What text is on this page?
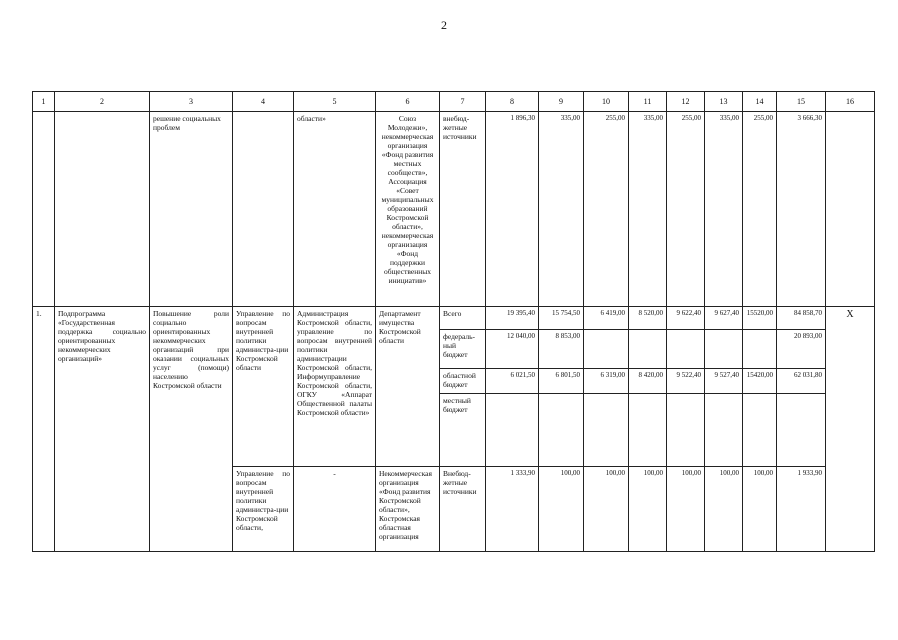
2
1	2	3	4	5	6	7	8	9	10	11	12	13	14	15	16
		решение социальных проблем		области»	Союз Молодежи», некоммерческая организация «Фонд развития местных сообществ», Ассоциация «Совет муниципальных образований Костромской области», некоммерческая организация «Фонд поддержки общественных инициатив»	внебюд-жетные источники	1 896,30	335,00	255,00	335,00	255,00	335,00	255,00	3 666,30	
1.	Подпрограмма «Государственная поддержка социально ориентированных некоммерческих организаций»	Повышение роли социально ориентированных некоммерческих организаций при оказании социальных услуг (помощи) населению Костромской области	Управление по вопросам внутренней политики администра-ции Костромской области	Администрация Костромской области, управление по вопросам внутренней политики администрации Костромской области, Информуправление Костромской области, ОГКУ «Аппарат Общественной палаты Костромской области»	Департамент имущества Костромской области	Всего	19 395,40	15 754,50	6 419,00	8 520,00	9 622,40	9 627,40	15520,00	84 858,70	X
						федераль-ный бюджет	12 040,00	8 853,00						20 893,00	
						областной бюджет	6 021,50	6 801,50	6 319,00	8 420,00	9 522,40	9 527,40	15420,00	62 031,80	
						местный бюджет									
			Управление по вопросам внутренней политики администра-ции Костромской области,	-	Некоммерческая организация «Фонд развития Костромской области», Костромская областная организация	Внебюд-жетные источники	1 333,90	100,00	100,00	100,00	100,00	100,00	100,00	1 933,90	
